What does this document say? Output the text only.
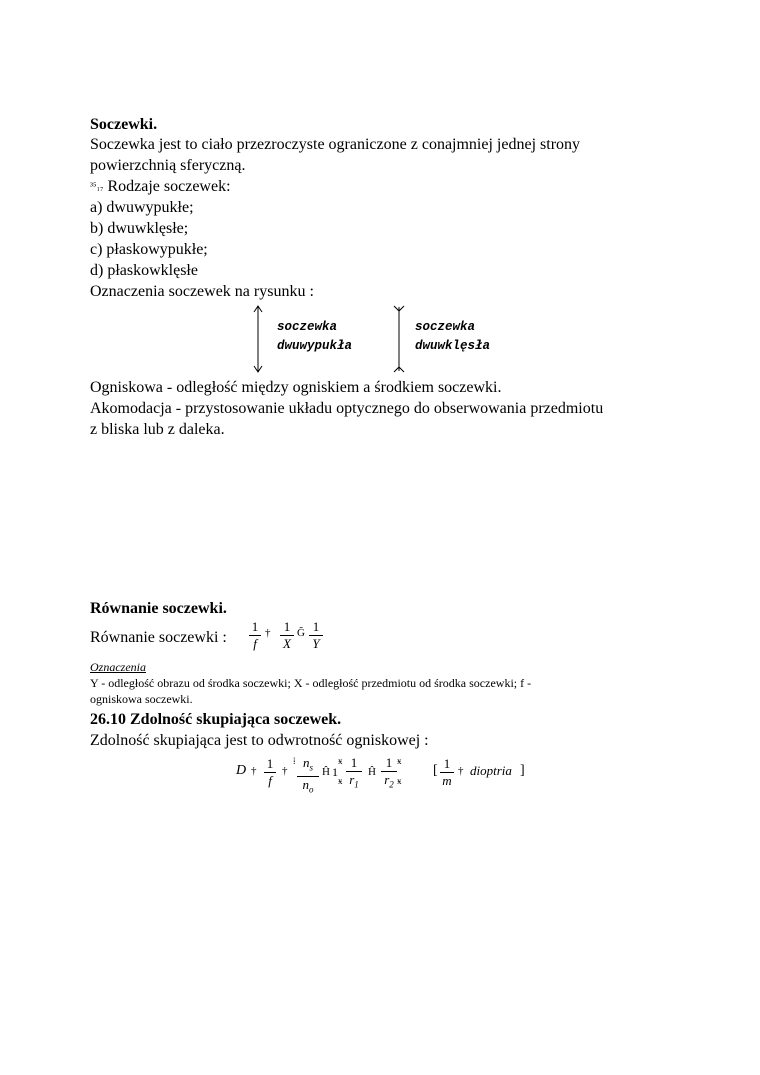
Soczewki.
Soczewka jest to ciało przezroczyste ograniczone z conajmniej jednej strony
powierzchnią sferyczną.
³⁵₁₇ Rodzaje soczewek:
a) dwuwypukłe;
b) dwuwklęsłe;
c) płaskowypukłe;
d) płaskowklęsłe
Oznaczenia soczewek na rysunku :
soczewka
dwuwypukła
soczewka
dwuwklęsła
Ogniskowa - odległość między ogniskiem a środkiem soczewki.
Akomodacja - przystosowanie układu optycznego do obserwowania przedmiotu
z bliska lub z daleka.
Równanie soczewki.
Równanie soczewki :
1
f
† 1
X
Ğ 1
Y
Oznaczenia
Y - odległość obrazu od środka soczewki; X - odległość przedmiotu od środka soczewki; f -
ogniskowa soczewki.
26.10 Zdolność skupiająca soczewek.
Zdolność skupiająca jest to odwrotność ogniskowej :
D † 1
f
†
⁞ $n_s$
$n_o$
Ĥ 1
ӿ
ӿ
1
$r_1$
Ĥ
1
$r_2$
ӿ
ӿ
[ 1
m
† dioptria ]
